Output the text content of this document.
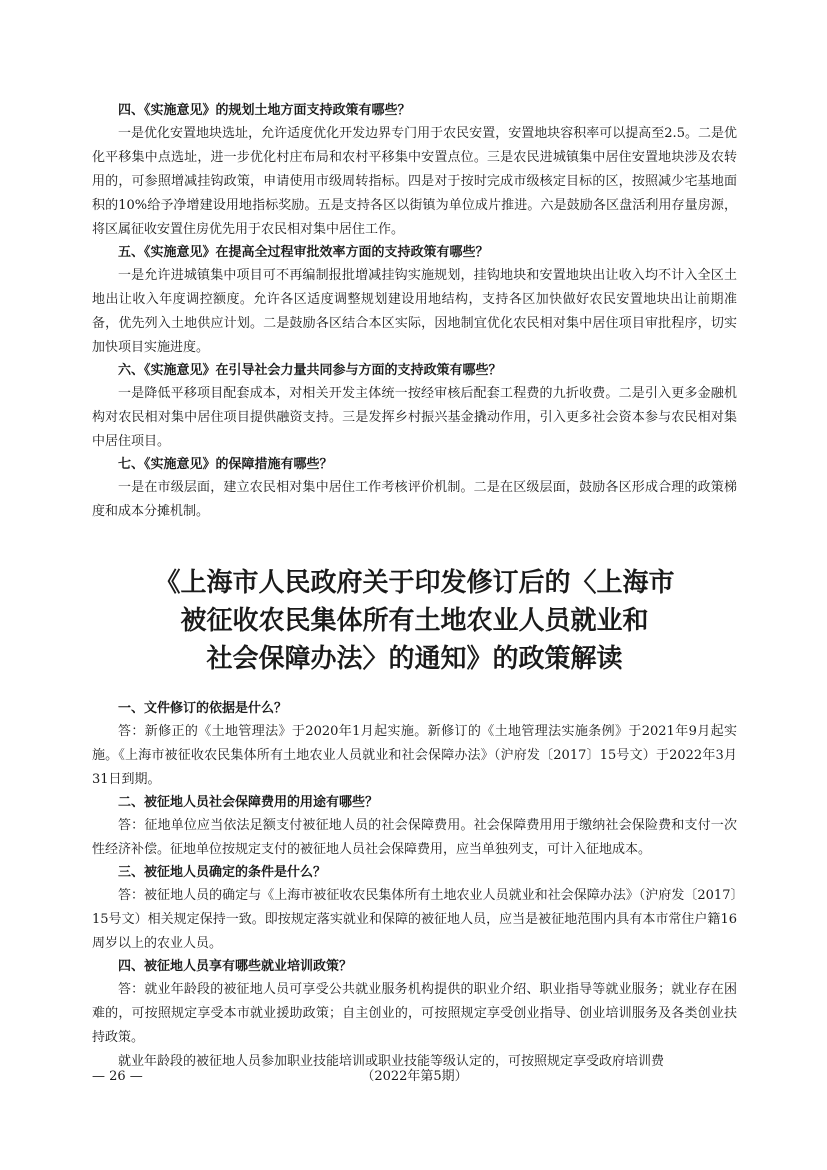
四、《实施意见》的规划土地方面支持政策有哪些？

一是优化安置地块选址，允许适度优化开发边界专门用于农民安置，安置地块容积率可以提高至2.5。二是优化平移集中点选址，进一步优化村庄布局和农村平移集中安置点位。三是农民进城镇集中居住安置地块涉及农转用的，可参照增减挂钩政策，申请使用市级周转指标。四是对于按时完成市级核定目标的区，按照减少宅基地面积的10%给予净增建设用地指标奖励。五是支持各区以街镇为单位成片推进。六是鼓励各区盘活利用存量房源，将区属征收安置住房优先用于农民相对集中居住工作。

五、《实施意见》在提高全过程审批效率方面的支持政策有哪些？

一是允许进城镇集中项目可不再编制报批增减挂钩实施规划，挂钩地块和安置地块出让收入均不计入全区土地出让收入年度调控额度。允许各区适度调整规划建设用地结构，支持各区加快做好农民安置地块出让前期准备，优先列入土地供应计划。二是鼓励各区结合本区实际，因地制宜优化农民相对集中居住项目审批程序，切实加快项目实施进度。

六、《实施意见》在引导社会力量共同参与方面的支持政策有哪些？

一是降低平移项目配套成本，对相关开发主体统一按经审核后配套工程费的九折收费。二是引入更多金融机构对农民相对集中居住项目提供融资支持。三是发挥乡村振兴基金撬动作用，引入更多社会资本参与农民相对集中居住项目。

七、《实施意见》的保障措施有哪些？

一是在市级层面，建立农民相对集中居住工作考核评价机制。二是在区级层面，鼓励各区形成合理的政策梯度和成本分摊机制。

《上海市人民政府关于印发修订后的〈上海市
被征收农民集体所有土地农业人员就业和
社会保障办法〉的通知》的政策解读

一、文件修订的依据是什么？

答：新修正的《土地管理法》于2020年1月起实施。新修订的《土地管理法实施条例》于2021年9月起实施。《上海市被征收农民集体所有土地农业人员就业和社会保障办法》（沪府发〔2017〕15号文）于2022年3月31日到期。

二、被征地人员社会保障费用的用途有哪些？

答：征地单位应当依法足额支付被征地人员的社会保障费用。社会保障费用用于缴纳社会保险费和支付一次性经济补偿。征地单位按规定支付的被征地人员社会保障费用，应当单独列支，可计入征地成本。

三、被征地人员确定的条件是什么？

答：被征地人员的确定与《上海市被征收农民集体所有土地农业人员就业和社会保障办法》（沪府发〔2017〕15号文）相关规定保持一致。即按规定落实就业和保障的被征地人员，应当是被征地范围内具有本市常住户籍16周岁以上的农业人员。

四、被征地人员享有哪些就业培训政策？

答：就业年龄段的被征地人员可享受公共就业服务机构提供的职业介绍、职业指导等就业服务；就业存在困难的，可按照规定享受本市就业援助政策；自主创业的，可按照规定享受创业指导、创业培训服务及各类创业扶持政策。

就业年龄段的被征地人员参加职业技能培训或职业技能等级认定的，可按照规定享受政府培训费

— 26 —	（2022年第5期）
